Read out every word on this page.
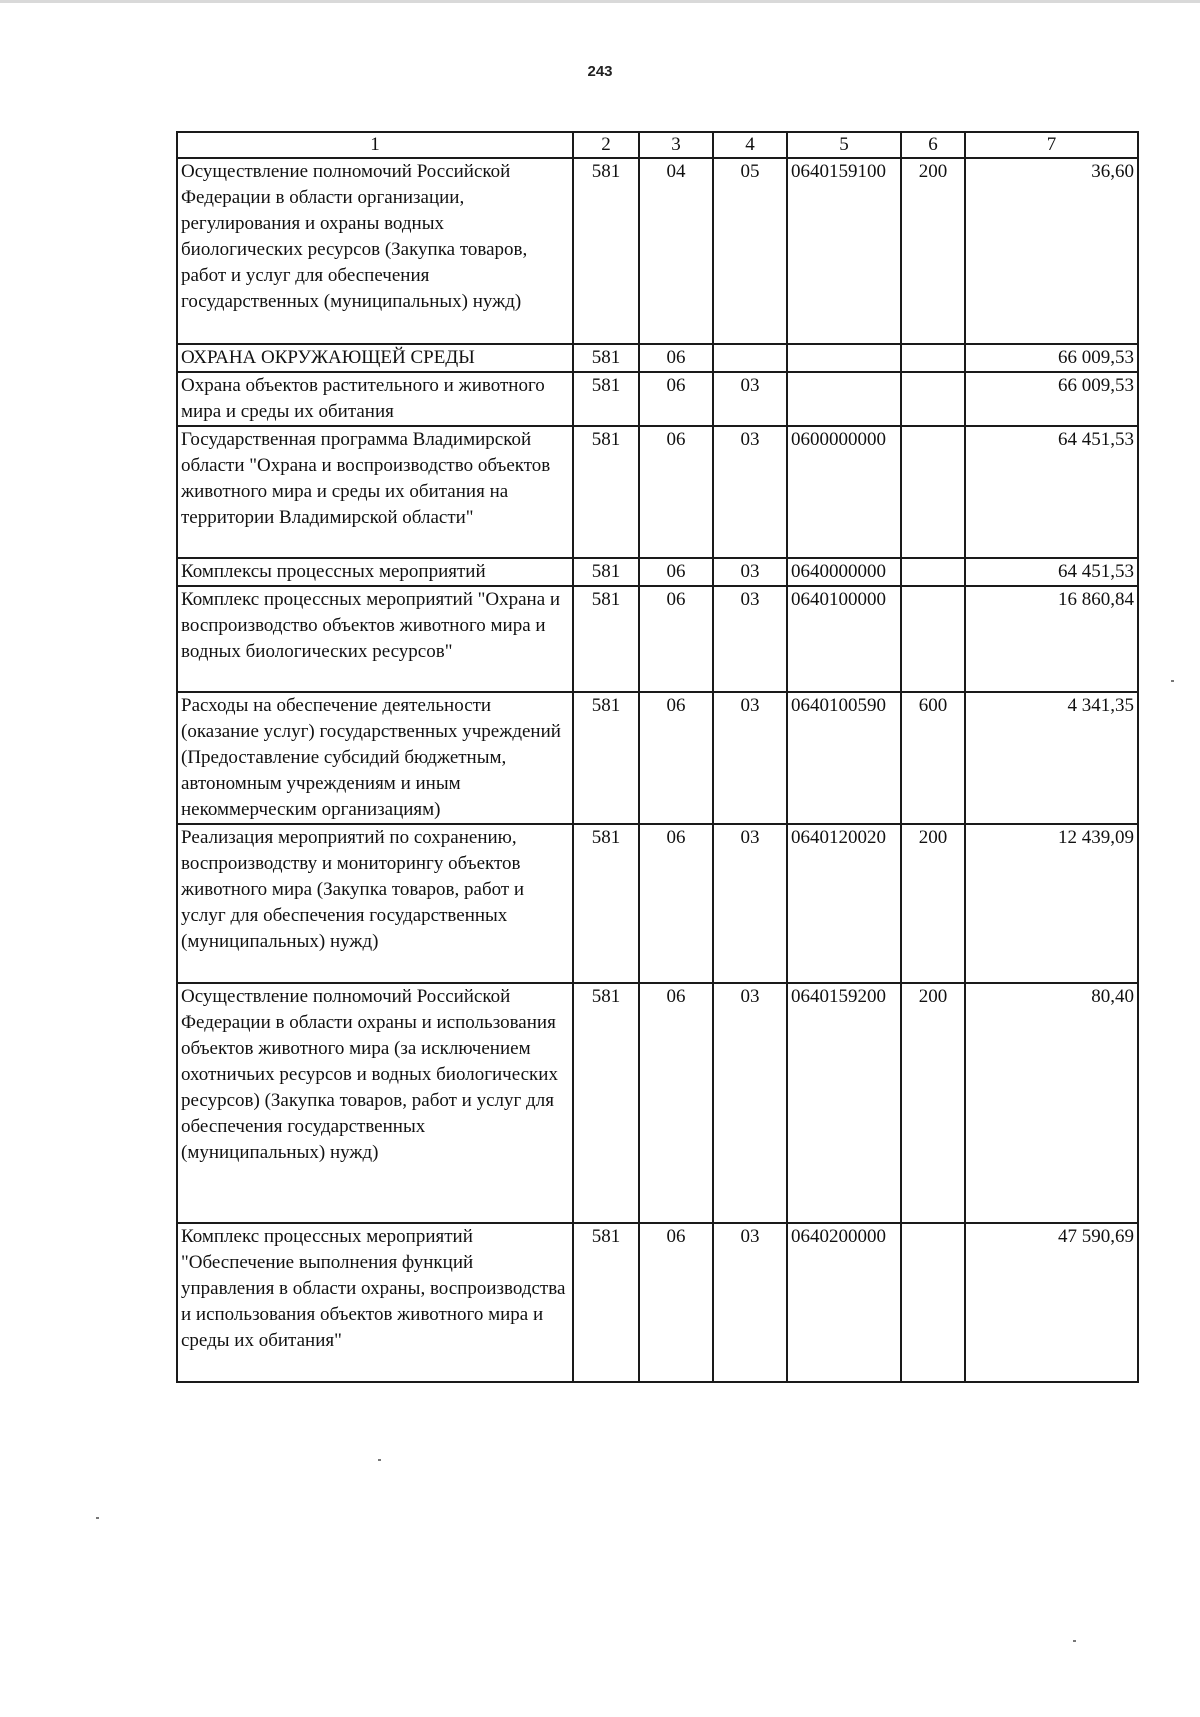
243
1	2	3	4	5	6	7
Осуществление полномочий Российской Федерации в области организации, регулирования и охраны водных биологических ресурсов (Закупка товаров, работ и услуг для обеспечения государственных (муниципальных) нужд)	581	04	05	0640159100	200	36,60
ОХРАНА ОКРУЖАЮЩЕЙ СРЕДЫ	581	06				66 009,53
Охрана объектов растительного и животного мира и среды их обитания	581	06	03			66 009,53
Государственная программа Владимирской области "Охрана и воспроизводство объектов животного мира и среды их обитания на территории Владимирской области"	581	06	03	0600000000		64 451,53
Комплексы процессных мероприятий	581	06	03	0640000000		64 451,53
Комплекс процессных мероприятий "Охрана и воспроизводство объектов животного мира и водных биологических ресурсов"	581	06	03	0640100000		16 860,84
Расходы на обеспечение деятельности (оказание услуг) государственных учреждений (Предоставление субсидий бюджетным, автономным учреждениям и иным некоммерческим организациям)	581	06	03	0640100590	600	4 341,35
Реализация мероприятий по сохранению, воспроизводству и мониторингу объектов животного мира (Закупка товаров, работ и услуг для обеспечения государственных (муниципальных) нужд)	581	06	03	0640120020	200	12 439,09
Осуществление полномочий Российской Федерации в области охраны и использования объектов животного мира (за исключением охотничьих ресурсов и водных биологических ресурсов) (Закупка товаров, работ и услуг для обеспечения государственных (муниципальных) нужд)	581	06	03	0640159200	200	80,40
Комплекс процессных мероприятий "Обеспечение выполнения функций управления в области охраны, воспроизводства и использования объектов животного мира и среды их обитания"	581	06	03	0640200000		47 590,69
